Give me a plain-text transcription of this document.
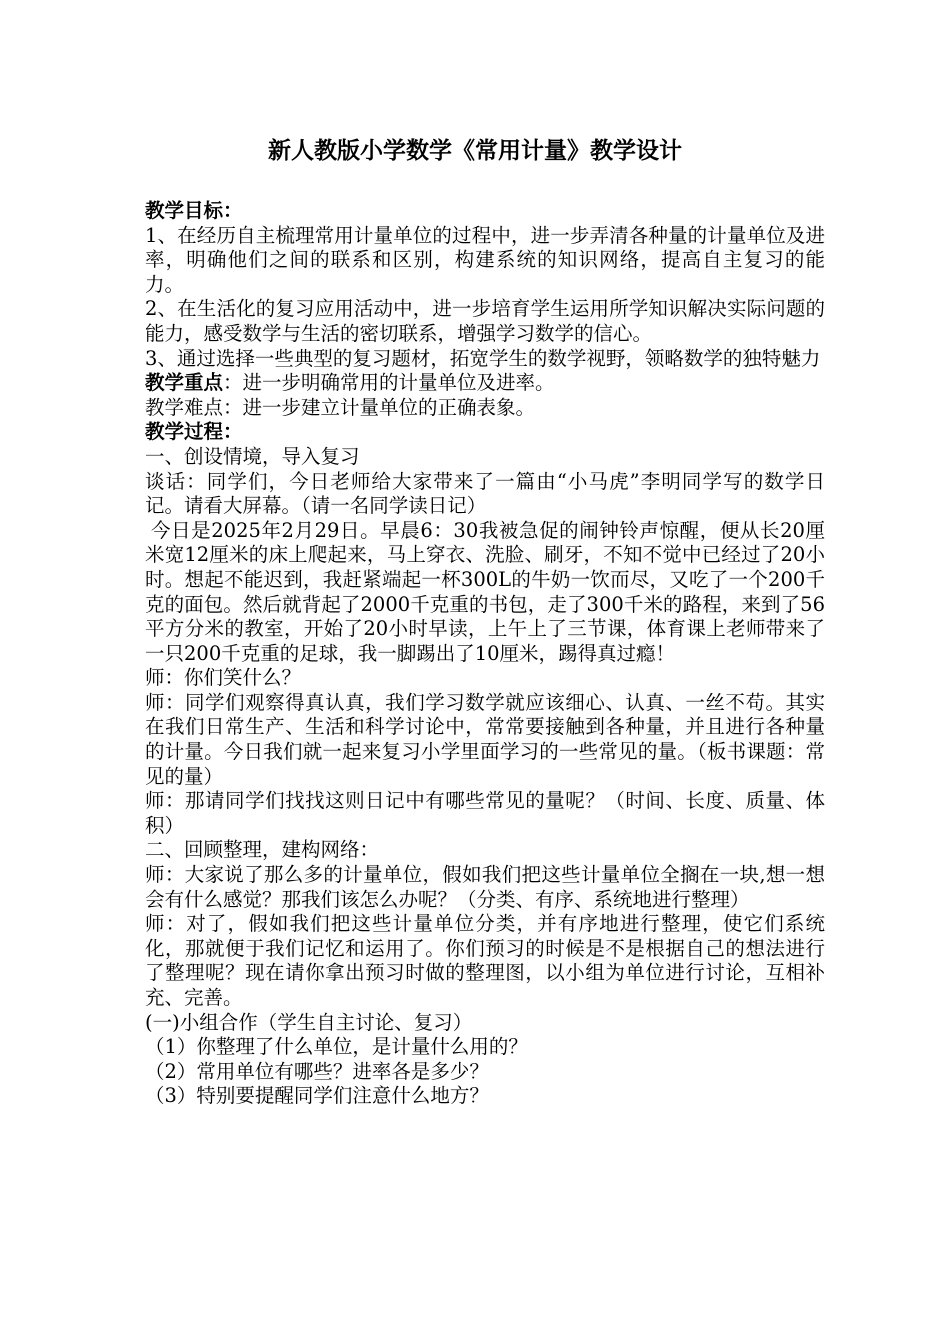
新人教版小学数学《常用计量》教学设计

教学目标：

1、在经历自主梳理常用计量单位的过程中，进一步弄清各种量的计量单位及进率，明确他们之间的联系和区别，构建系统的知识网络，提高自主复习的能力。

2、在生活化的复习应用活动中，进一步培育学生运用所学知识解决实际问题的能力，感受数学与生活的密切联系，增强学习数学的信心。

3、通过选择一些典型的复习题材，拓宽学生的数学视野，领略数学的独特魅力

教学重点：进一步明确常用的计量单位及进率。

教学难点：进一步建立计量单位的正确表象。

教学过程：

一、创设情境，导入复习

谈话：同学们，今日老师给大家带来了一篇由“小马虎”李明同学写的数学日记。请看大屏幕。（请一名同学读日记）

今日是2025年2月29日。早晨6：30我被急促的闹钟铃声惊醒，便从长20厘米宽12厘米的床上爬起来，马上穿衣、洗脸、刷牙，不知不觉中已经过了20小时。想起不能迟到，我赶紧端起一杯300L的牛奶一饮而尽，又吃了一个200千克的面包。然后就背起了2000千克重的书包，走了300千米的路程，来到了56平方分米的教室，开始了20小时早读，上午上了三节课，体育课上老师带来了一只200千克重的足球，我一脚踢出了10厘米，踢得真过瘾！

师：你们笑什么？

师：同学们观察得真认真，我们学习数学就应该细心、认真、一丝不苟。其实在我们日常生产、生活和科学讨论中，常常要接触到各种量，并且进行各种量的计量。今日我们就一起来复习小学里面学习的一些常见的量。（板书课题：常见的量）

师：那请同学们找找这则日记中有哪些常见的量呢？（时间、长度、质量、体积）

二、回顾整理，建构网络：

师：大家说了那么多的计量单位，假如我们把这些计量单位全搁在一块,想一想会有什么感觉？那我们该怎么办呢？（分类、有序、系统地进行整理）

师：对了，假如我们把这些计量单位分类，并有序地进行整理，使它们系统化，那就便于我们记忆和运用了。你们预习的时候是不是根据自己的想法进行了整理呢？现在请你拿出预习时做的整理图，以小组为单位进行讨论，互相补充、完善。

(一)小组合作（学生自主讨论、复习）

（1）你整理了什么单位，是计量什么用的？

（2）常用单位有哪些？进率各是多少？

（3）特别要提醒同学们注意什么地方？
